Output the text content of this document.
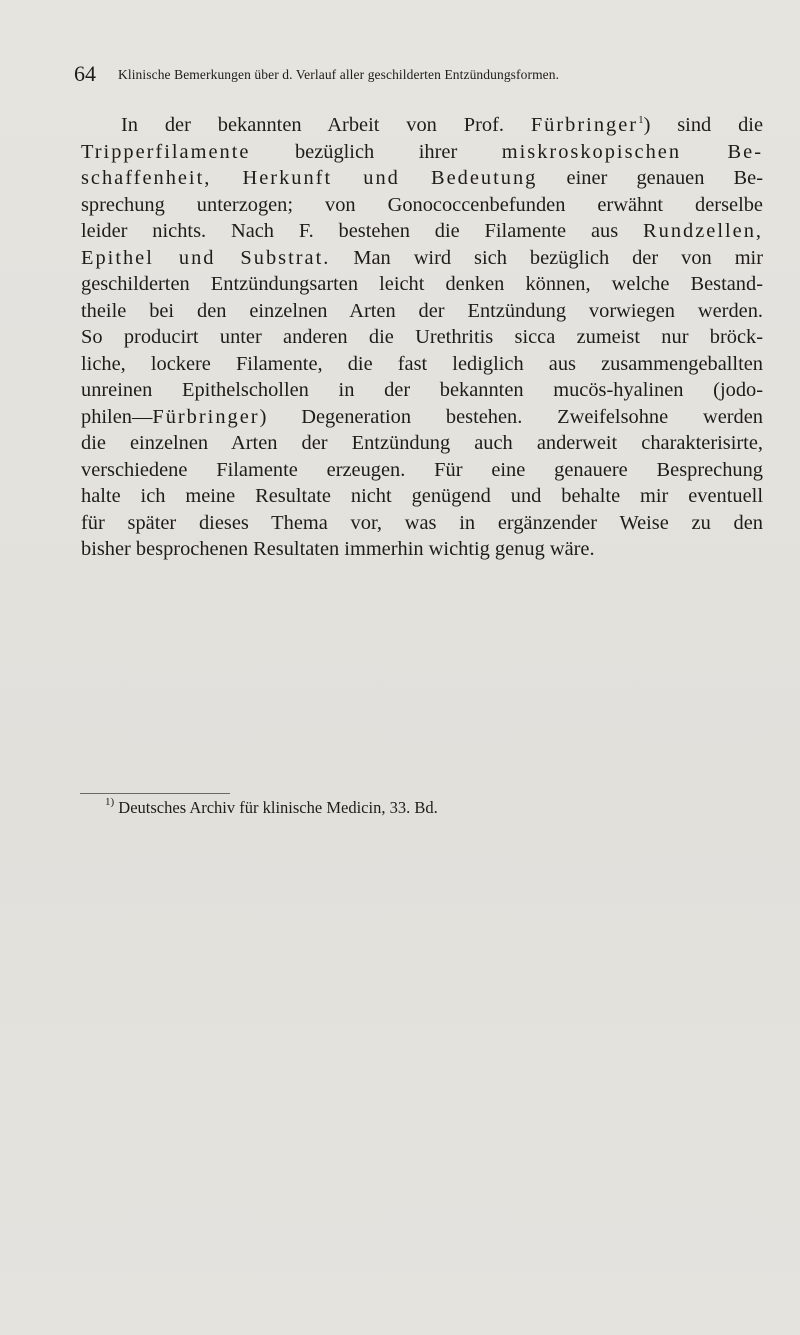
64 Klinische Bemerkungen über d. Verlauf aller geschilderten Entzündungsformen.
In der bekannten Arbeit von Prof. Fürbringer$^1$) sind die
Tripperfilamente bezüglich ihrer miskroskopischen Be-
schaffenheit, Herkunft und Bedeutung einer genauen Be-
sprechung unterzogen; von Gonococcenbefunden erwähnt derselbe
leider nichts. Nach F. bestehen die Filamente aus Rundzellen,
Epithel und Substrat. Man wird sich bezüglich der von mir
geschilderten Entzündungsarten leicht denken können, welche Bestand-
theile bei den einzelnen Arten der Entzündung vorwiegen werden.
So producirt unter anderen die Urethritis sicca zumeist nur bröck-
liche, lockere Filamente, die fast lediglich aus zusammengeballten
unreinen Epithelschollen in der bekannten mucös-hyalinen (jodo-
philen—Fürbringer) Degeneration bestehen. Zweifelsohne werden
die einzelnen Arten der Entzündung auch anderweit charakterisirte,
verschiedene Filamente erzeugen. Für eine genauere Besprechung
halte ich meine Resultate nicht genügend und behalte mir eventuell
für später dieses Thema vor, was in ergänzender Weise zu den
bisher besprochenen Resultaten immerhin wichtig genug wäre.
$^{1)}$ Deutsches Archiv für klinische Medicin, 33. Bd.
